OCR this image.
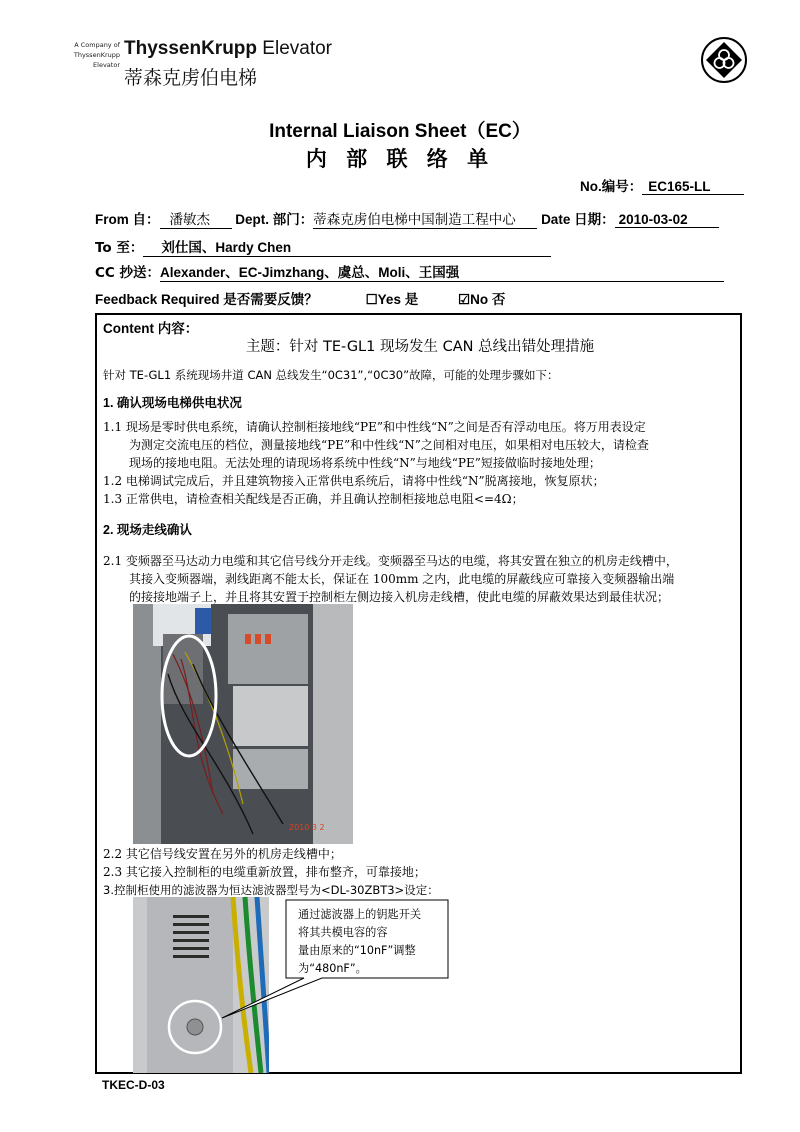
A Company of
ThyssenKrupp
Elevator
ThyssenKrupp Elevator
蒂森克虏伯电梯
Internal Liaison Sheet（EC）
内 部 联 络 单
No.编号： EC165-LL
From 自： 潘敏杰 Dept. 部门：蒂森克虏伯电梯中国制造工程中心 Date 日期： 2010-03-02
To 至： 刘仕国、Hardy Chen
CC 抄送：Alexander、EC-Jimzhang、虞总、Moli、王国强
Feedback Required 是否需要反馈？	☐Yes 是	☑No 否
Content 内容：
主题：针对 TE-GL1 现场发生 CAN 总线出错处理措施
针对 TE-GL1 系统现场井道 CAN 总线发生“0C31”,“0C30”故障，可能的处理步骤如下：
1. 确认现场电梯供电状况
1.1 现场是零时供电系统，请确认控制柜接地线“PE”和中性线“N”之间是否有浮动电压。将万用表设定
为测定交流电压的档位，测量接地线“PE”和中性线“N”之间相对电压，如果相对电压较大，请检查
现场的接地电阻。无法处理的请现场将系统中性线“N”与地线“PE”短接做临时接地处理；
1.2 电梯调试完成后，并且建筑物接入正常供电系统后，请将中性线“N”脱离接地，恢复原状；
1.3 正常供电，请检查相关配线是否正确，并且确认控制柜接地总电阻<=4Ω；
2. 现场走线确认
2.1 变频器至马达动力电缆和其它信号线分开走线。变频器至马达的电缆，将其安置在独立的机房走线槽中，
其接入变频器端，剥线距离不能太长，保证在 100mm 之内，此电缆的屏蔽线应可靠接入变频器输出端
的接接地端子上，并且将其安置于控制柜左侧边接入机房走线槽，使此电缆的屏蔽效果达到最佳状况；
2010 3 2
2.2 其它信号线安置在另外的机房走线槽中；
2.3 其它接入控制柜的电缆重新放置，排布整齐，可靠接地；
3.控制柜使用的滤波器为恒达滤波器型号为<DL-30ZBT3>设定：
通过滤波器上的钥匙开关
将其共模电容的容
量由原来的“10nF”调整
为“480nF”。
TKEC-D-03
